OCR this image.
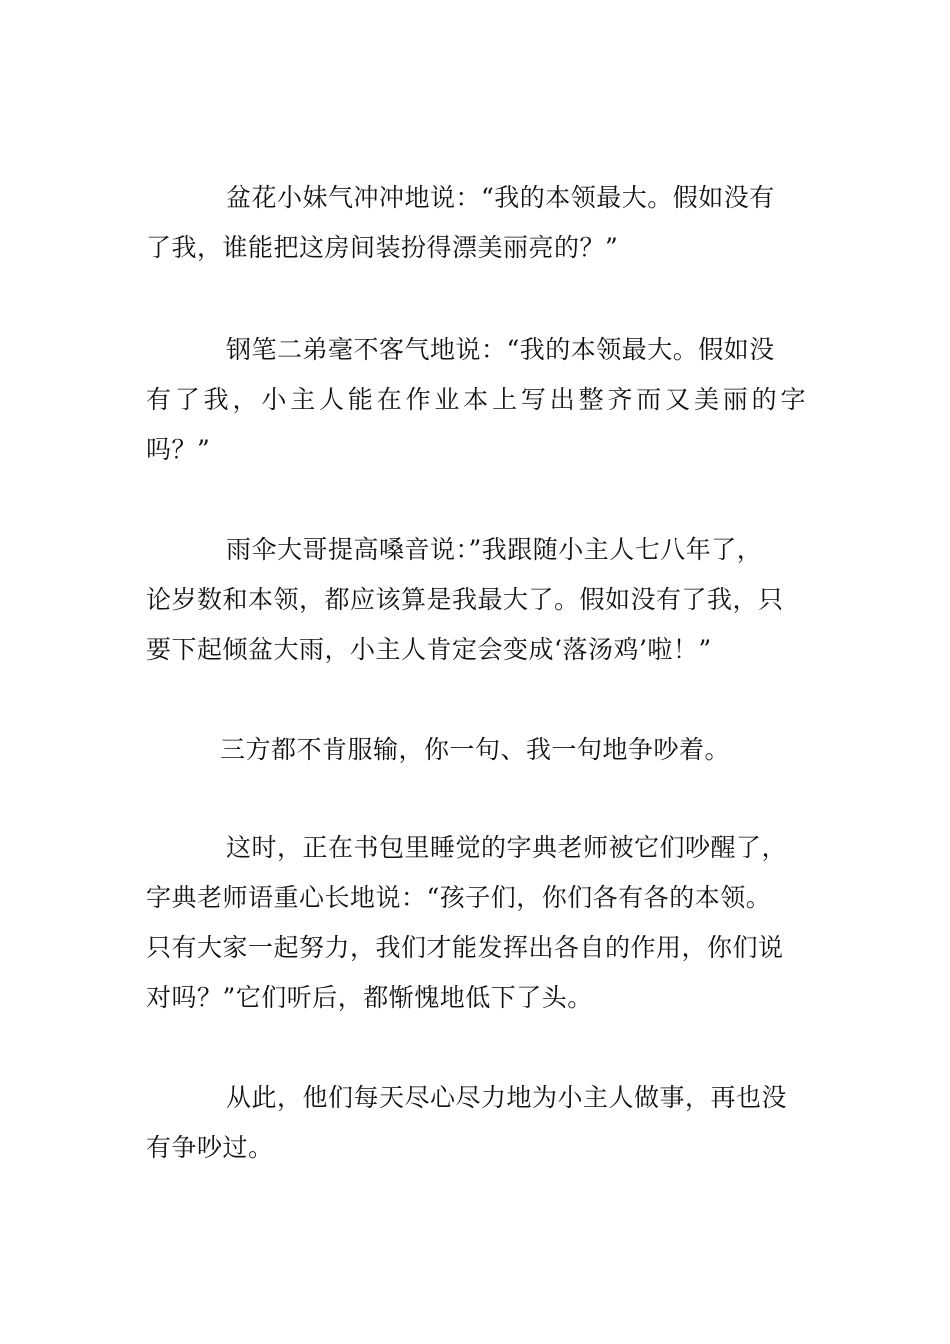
盆花小妹气冲冲地说：“我的本领最大。假如没有
了我，谁能把这房间装扮得漂美丽亮的？”
钢笔二弟毫不客气地说：“我的本领最大。假如没
有了我，小主人能在作业本上写出整齐而又美丽的字
吗？”
雨伞大哥提高嗓音说：”我跟随小主人七八年了，
论岁数和本领，都应该算是我最大了。假如没有了我，只
要下起倾盆大雨，小主人肯定会变成‘落汤鸡’啦！”
三方都不肯服输，你一句、我一句地争吵着。
这时，正在书包里睡觉的字典老师被它们吵醒了，
字典老师语重心长地说：“孩子们，你们各有各的本领。
只有大家一起努力，我们才能发挥出各自的作用，你们说
对吗？”它们听后，都惭愧地低下了头。
从此，他们每天尽心尽力地为小主人做事，再也没
有争吵过。
